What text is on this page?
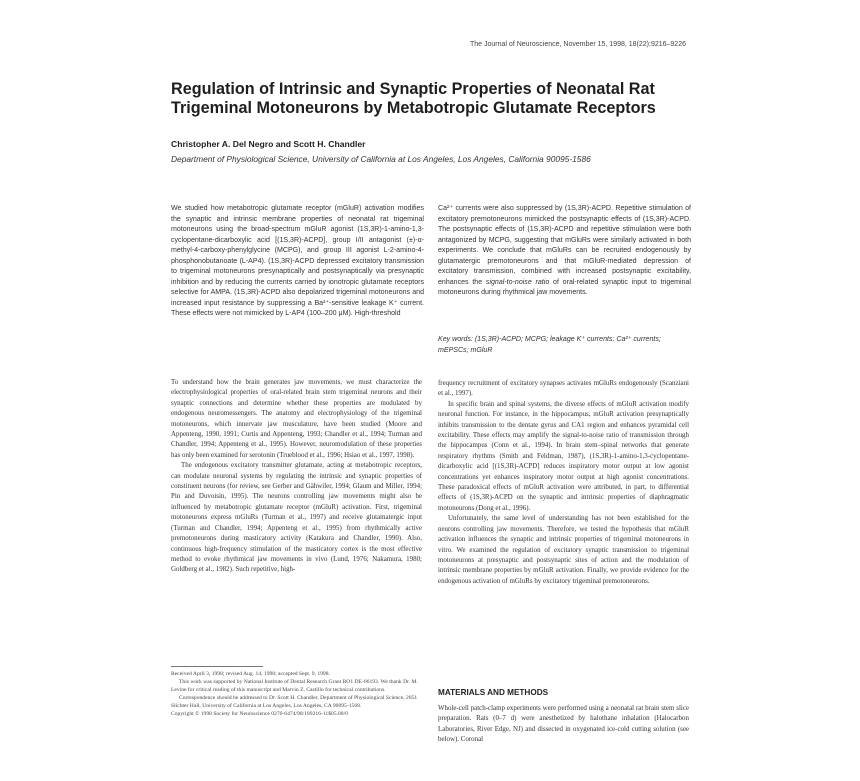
The Journal of Neuroscience, November 15, 1998, 18(22):9216–9226
Regulation of Intrinsic and Synaptic Properties of Neonatal Rat
Trigeminal Motoneurons by Metabotropic Glutamate Receptors
Christopher A. Del Negro and Scott H. Chandler
Department of Physiological Science, University of California at Los Angeles, Los Angeles, California 90095-1586
We studied how metabotropic glutamate receptor (mGluR) activation modifies the synaptic and intrinsic membrane properties of neonatal rat trigeminal motoneurons using the broad-spectrum mGluR agonist (1S,3R)-1-amino-1,3-cyclopentane-dicarboxylic acid [(1S,3R)-ACPD], group I/II antagonist (±)-α-methyl-4-carboxy-phenylglycine (MCPG), and group III agonist L-2-amino-4-phosphonobutanoate (L-AP4). (1S,3R)-ACPD depressed excitatory transmission to trigeminal motoneurons presynaptically and postsynaptically via presynaptic inhibition and by reducing the currents carried by ionotropic glutamate receptors selective for AMPA. (1S,3R)-ACPD also depolarized trigeminal motoneurons and increased input resistance by suppressing a Ba²⁺-sensitive leakage K⁺ current. These effects were not mimicked by L-AP4 (100–200 μM). High-threshold
Ca²⁺ currents were also suppressed by (1S,3R)-ACPD. Repetitive stimulation of excitatory premotoneurons mimicked the postsynaptic effects of (1S,3R)-ACPD. The postsynaptic effects of (1S,3R)-ACPD and repetitive stimulation were both antagonized by MCPG, suggesting that mGluRs were similarly activated in both experiments. We conclude that mGluRs can be recruited endogenously by glutamatergic premotoneurons and that mGluR-mediated depression of excitatory transmission, combined with increased postsynaptic excitability, enhances the signal-to-noise ratio of oral-related synaptic input to trigeminal motoneurons during rhythmical jaw movements.
Key words: (1S,3R)-ACPD; MCPG; leakage K⁺ currents; Ca²⁺ currents; mEPSCs; mGluR

To understand how the brain generates jaw movements, we must characterize the electrophysiological properties of oral-related brain stem trigeminal neurons and their synaptic connections and determine whether these properties are modulated by endogenous neuromessengers. The anatomy and electrophysiology of the trigeminal motoneurons, which innervate jaw musculature, have been studied (Moore and Appenteng, 1990, 1991; Curtis and Appenteng, 1993; Chandler et al., 1994; Turman and Chandler, 1994; Appenteng et al., 1995). However, neuromodulation of these properties has only been examined for serotonin (Trueblood et al., 1996; Hsiao et al., 1997, 1998).

The endogenous excitatory transmitter glutamate, acting at metabotropic receptors, can modulate neuronal systems by regulating the intrinsic and synaptic properties of constituent neurons (for review, see Gerber and Gähwiler, 1994; Glaum and Miller, 1994; Pin and Duvoisin, 1995). The neurons controlling jaw movements might also be influenced by metabotropic glutamate receptor (mGluR) activation. First, trigeminal motoneurons express mGluRs (Turman et al., 1997) and receive glutamatergic input (Turman and Chandler, 1994; Appenteng et al., 1995) from rhythmically active premotoneurons during masticatory activity (Katakura and Chandler, 1990). Also, continuous high-frequency stimulation of the masticatory cortex is the most effective method to evoke rhythmical jaw movements in vivo (Lund, 1976; Nakamura, 1980; Goldberg et al., 1982). Such repetitive, high-

Received April 3, 1998; revised Aug. 14, 1998; accepted Sept. 9, 1998.

This work was supported by National Institute of Dental Research Grant RO1 DE-06193. We thank Dr. M. Levine for critical reading of this manuscript and Marvin Z. Castillo for technical contributions.

Correspondence should be addressed to Dr. Scott H. Chandler, Department of Physiological Science, 2851 Slichter Hall, University of California at Los Angeles, Los Angeles, CA 90095-1568.

Copyright © 1998 Society for Neuroscience 0270-6474/98/189216-11$05.00/0

frequency recruitment of excitatory synapses activates mGluRs endogenously (Scanziani et al., 1997).

In specific brain and spinal systems, the diverse effects of mGluR activation modify neuronal function. For instance, in the hippocampus, mGluR activation presynaptically inhibits transmission to the dentate gyrus and CA1 region and enhances pyramidal cell excitability. These effects may amplify the signal-to-noise ratio of transmission through the hippocampus (Conn et al., 1994). In brain stem–spinal networks that generate respiratory rhythms (Smith and Feldman, 1987), (1S,3R)-1-amino-1,3-cyclopentane-dicarboxylic acid [(1S,3R)-ACPD] reduces inspiratory motor output at low agonist concentrations yet enhances inspiratory motor output at high agonist concentrations. These paradoxical effects of mGluR activation were attributed, in part, to differential effects of (1S,3R)-ACPD on the synaptic and intrinsic properties of diaphragmatic motoneurons (Dong et al., 1996).

Unfortunately, the same level of understanding has not been established for the neurons controlling jaw movements. Therefore, we tested the hypothesis that mGluR activation influences the synaptic and intrinsic properties of trigeminal motoneurons in vitro. We examined the regulation of excitatory synaptic transmission to trigeminal motoneurons at presynaptic and postsynaptic sites of action and the modulation of intrinsic membrane properties by mGluR activation. Finally, we provide evidence for the endogenous activation of mGluRs by excitatory trigeminal premotoneurons.

MATERIALS AND METHODS
Whole-cell patch-clamp experiments were performed using a neonatal rat brain stem slice preparation. Rats (0–7 d) were anesthetized by halothane inhalation (Halocarbon Laboratories, River Edge, NJ) and dissected in oxygenated ice-cold cutting solution (see below). Coronal
